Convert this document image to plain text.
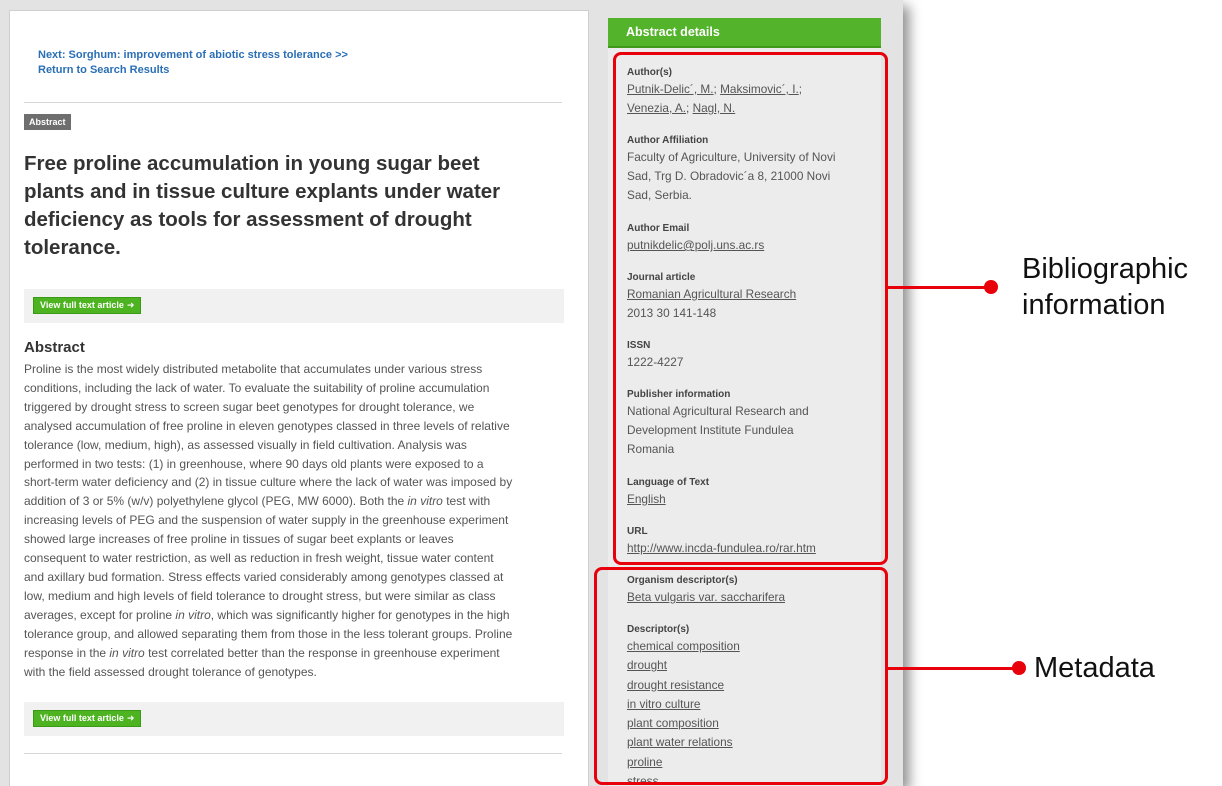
Next: Sorghum: improvement of abiotic stress tolerance >>
Return to Search Results
Abstract
Free proline accumulation in young sugar beet plants and in tissue culture explants under water deficiency as tools for assessment of drought tolerance.
View full text article ➜
Abstract
Proline is the most widely distributed metabolite that accumulates under various stress
conditions, including the lack of water. To evaluate the suitability of proline accumulation
triggered by drought stress to screen sugar beet genotypes for drought tolerance, we
analysed accumulation of free proline in eleven genotypes classed in three levels of relative
tolerance (low, medium, high), as assessed visually in field cultivation. Analysis was
performed in two tests: (1) in greenhouse, where 90 days old plants were exposed to a
short-term water deficiency and (2) in tissue culture where the lack of water was imposed by
addition of 3 or 5% (w/v) polyethylene glycol (PEG, MW 6000). Both the in vitro test with
increasing levels of PEG and the suspension of water supply in the greenhouse experiment
showed large increases of free proline in tissues of sugar beet explants or leaves
consequent to water restriction, as well as reduction in fresh weight, tissue water content
and axillary bud formation. Stress effects varied considerably among genotypes classed at
low, medium and high levels of field tolerance to drought stress, but were similar as class
averages, except for proline in vitro, which was significantly higher for genotypes in the high
tolerance group, and allowed separating them from those in the less tolerant groups. Proline
response in the in vitro test correlated better than the response in greenhouse experiment
with the field assessed drought tolerance of genotypes.
View full text article ➜
Abstract details
Author(s)
Putnik-Delic´, M.; Maksimovic´, I.;
Venezia, A.; Nagl, N.
Author Affiliation
Faculty of Agriculture, University of Novi
Sad, Trg D. Obradovic´a 8, 21000 Novi
Sad, Serbia.
Author Email
putnikdelic@polj.uns.ac.rs
Journal article
Romanian Agricultural Research
2013 30 141-148
ISSN
1222-4227
Publisher information
National Agricultural Research and
Development Institute Fundulea
Romania
Language of Text
English
URL
http://www.incda-fundulea.ro/rar.htm
Organism descriptor(s)
Beta vulgaris var. saccharifera
Descriptor(s)
chemical composition
drought
drought resistance
in vitro culture
plant composition
plant water relations
proline
stress
Bibliographic
information
Metadata
